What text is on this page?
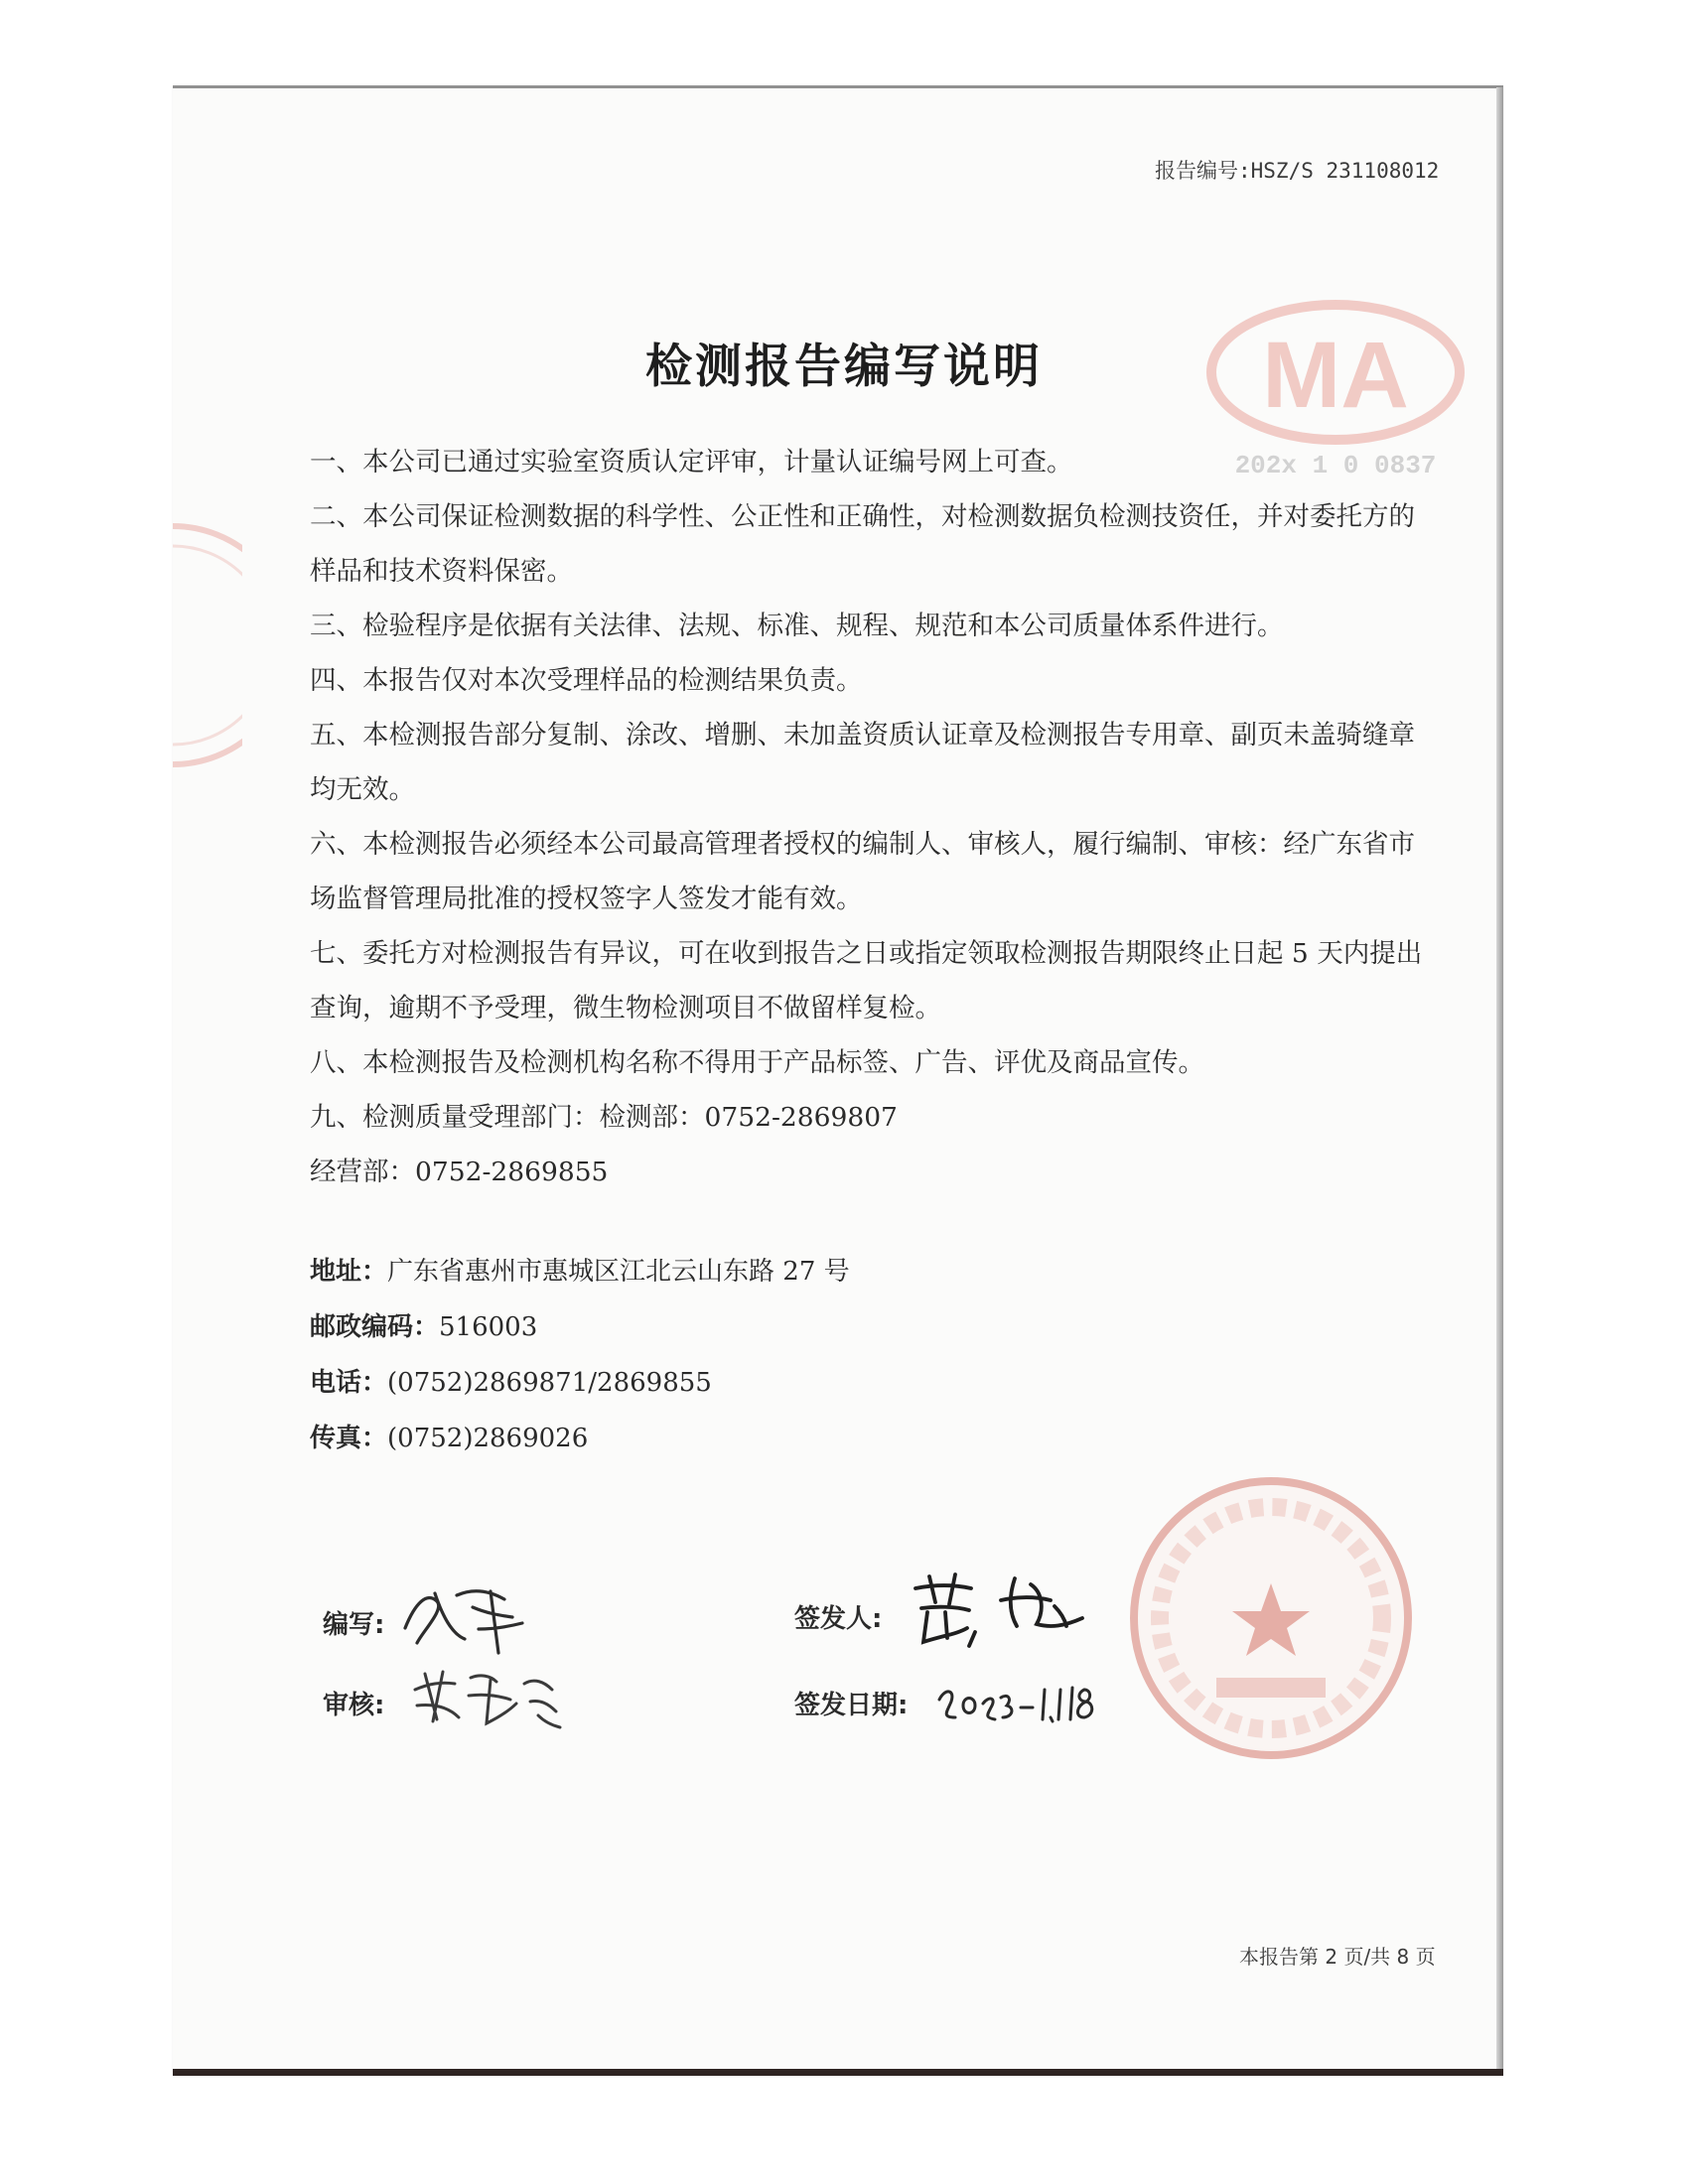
MA
202x 1 0 0837
报告编号:HSZ/S 231108012
检测报告编写说明
一、本公司已通过实验室资质认定评审，计量认证编号网上可查。
二、本公司保证检测数据的科学性、公正性和正确性，对检测数据负检测技资任，并对委托方的样品和技术资料保密。
三、检验程序是依据有关法律、法规、标准、规程、规范和本公司质量体系件进行。
四、本报告仅对本次受理样品的检测结果负责。
五、本检测报告部分复制、涂改、增删、未加盖资质认证章及检测报告专用章、副页未盖骑缝章均无效。
六、本检测报告必须经本公司最高管理者授权的编制人、审核人，履行编制、审核：经广东省市场监督管理局批准的授权签字人签发才能有效。
七、委托方对检测报告有异议，可在收到报告之日或指定领取检测报告期限终止日起 5 天内提出查询，逾期不予受理，微生物检测项目不做留样复检。
八、本检测报告及检测机构名称不得用于产品标签、广告、评优及商品宣传。
九、检测质量受理部门：检测部：0752-2869807
经营部：0752-2869855
地址：广东省惠州市惠城区江北云山东路 27 号
邮政编码：516003
电话：(0752)2869871/2869855
传真：(0752)2869026
编写:
审核:
签发人:
签发日期:
本报告第 2 页/共 8 页
